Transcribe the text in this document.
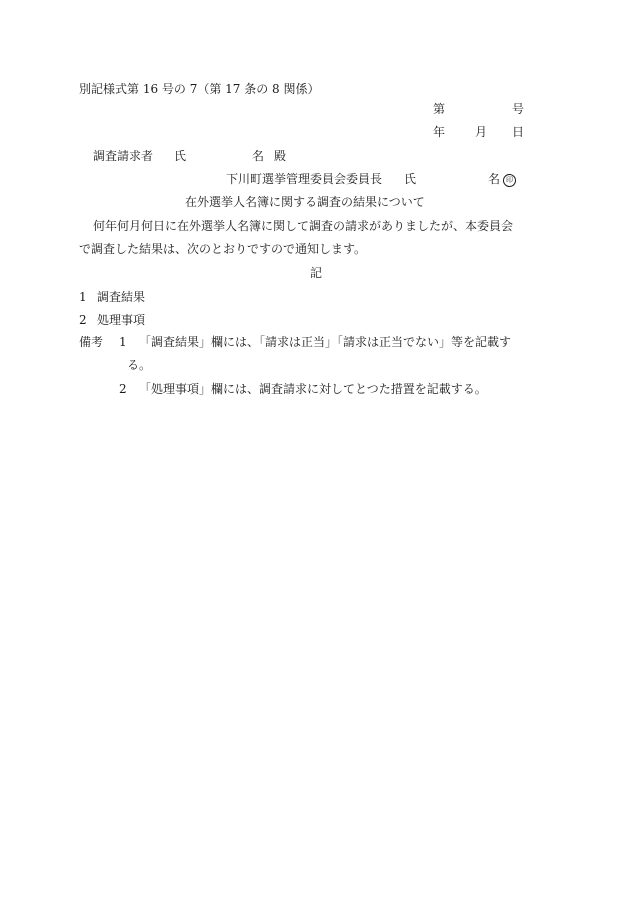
別記様式第 16 号の 7（第 17 条の 8 関係）
第	号
年 月 日
調査請求者 氏	名 殿
下川町選挙管理委員会委員長 氏	名 印
在外選挙人名簿に関する調査の結果について
何年何月何日に在外選挙人名簿に関して調査の請求がありましたが、本委員会
で調査した結果は、次のとおりですので通知します。
記
1 調査結果
2 処理事項
備考 1 「調査結果」欄には、「請求は正当」「請求は正当でない」等を記載す
る。
2 「処理事項」欄には、調査請求に対してとつた措置を記載する。
